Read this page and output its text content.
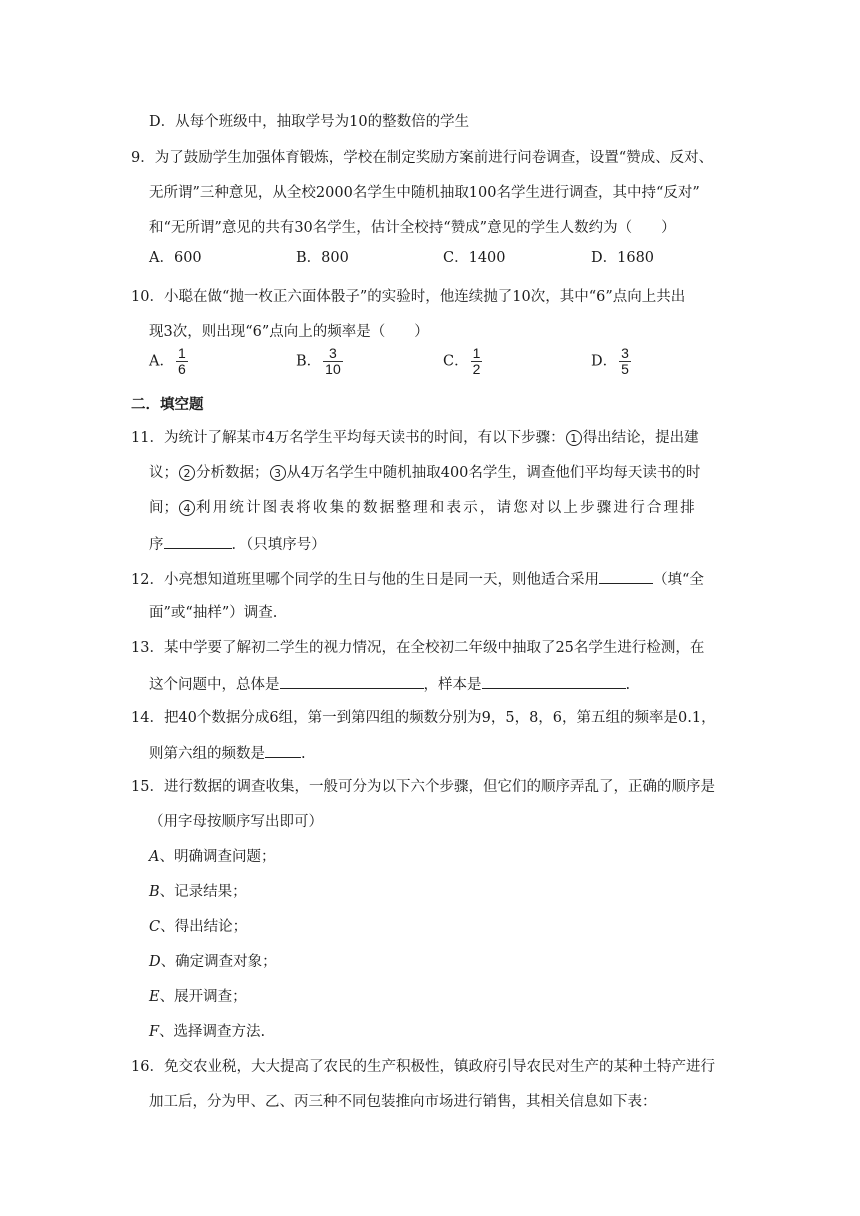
D．从每个班级中，抽取学号为10的整数倍的学生
9．为了鼓励学生加强体育锻炼，学校在制定奖励方案前进行问卷调查，设置“赞成、反对、
无所谓”三种意见，从全校2000名学生中随机抽取100名学生进行调查，其中持“反对”
和“无所谓”意见的共有30名学生，估计全校持“赞成”意见的学生人数约为（　　）
A．600	B．800	C．1400	D．1680
10．小聪在做“抛一枚正六面体骰子”的实验时，他连续抛了10次，其中“6”点向上共出
现3次，则出现“6”点向上的频率是（　　）
A． $\frac{1}{6}$	B． $\frac{3}{10}$	C． $\frac{1}{2}$	D． $\frac{3}{5}$
二．填空题
11．为统计了解某市4万名学生平均每天读书的时间，有以下步骤： 1 得出结论，提出建
议； 2 分析数据； 3 从4万名学生中随机抽取400名学生，调查他们平均每天读书的时
间； 4 利用统计图表将收集的数据整理和表示，请您对以上步骤进行合理排
序	．（只填序号）
12．小亮想知道班里哪个同学的生日与他的生日是同一天，则他适合采用	（填“全
面”或“抽样”）调查.
13．某中学要了解初二学生的视力情况，在全校初二年级中抽取了25名学生进行检测，在
这个问题中，总体是	，样本是	.
14．把40个数据分成6组，第一到第四组的频数分别为9，5，8，6，第五组的频率是0.1，
则第六组的频数是 .
15．进行数据的调查收集，一般可分为以下六个步骤，但它们的顺序弄乱了，正确的顺序是
（用字母按顺序写出即可）
A、明确调查问题；
B、记录结果；
C、得出结论；
D、确定调查对象；
E、展开调查；
F、选择调查方法.
16．免交农业税，大大提高了农民的生产积极性，镇政府引导农民对生产的某种土特产进行
加工后，分为甲、乙、丙三种不同包装推向市场进行销售，其相关信息如下表：
